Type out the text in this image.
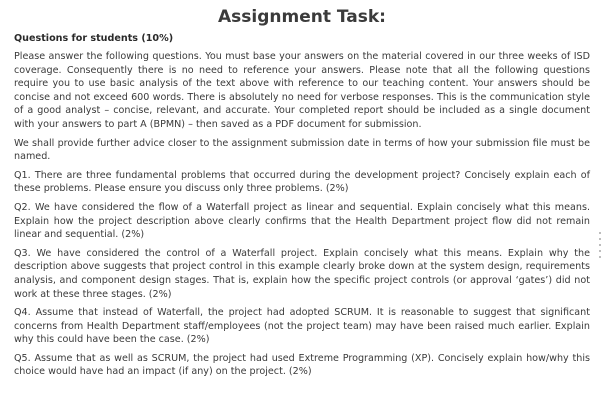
Assignment Task:
Questions for students (10%)

Please answer the following questions. You must base your answers on the material covered in our three weeks of ISD coverage. Consequently there is no need to reference your answers. Please note that all the following questions require you to use basic analysis of the text above with reference to our teaching content. Your answers should be concise and not exceed 600 words. There is absolutely no need for verbose responses. This is the communication style of a good analyst – concise, relevant, and accurate. Your completed report should be included as a single document with your answers to part A (BPMN) – then saved as a PDF document for submission.

We shall provide further advice closer to the assignment submission date in terms of how your submission file must be named.

Q1. There are three fundamental problems that occurred during the development project? Concisely explain each of these problems. Please ensure you discuss only three problems. (2%)

Q2. We have considered the flow of a Waterfall project as linear and sequential. Explain concisely what this means. Explain how the project description above clearly confirms that the Health Department project flow did not remain linear and sequential. (2%)

Q3. We have considered the control of a Waterfall project. Explain concisely what this means. Explain why the description above suggests that project control in this example clearly broke down at the system design, requirements analysis, and component design stages. That is, explain how the specific project controls (or approval ‘gates’) did not work at these three stages. (2%)

Q4. Assume that instead of Waterfall, the project had adopted SCRUM. It is reasonable to suggest that significant concerns from Health Department staff/employees (not the project team) may have been raised much earlier. Explain why this could have been the case. (2%)

Q5. Assume that as well as SCRUM, the project had used Extreme Programming (XP). Concisely explain how/why this choice would have had an impact (if any) on the project. (2%)
